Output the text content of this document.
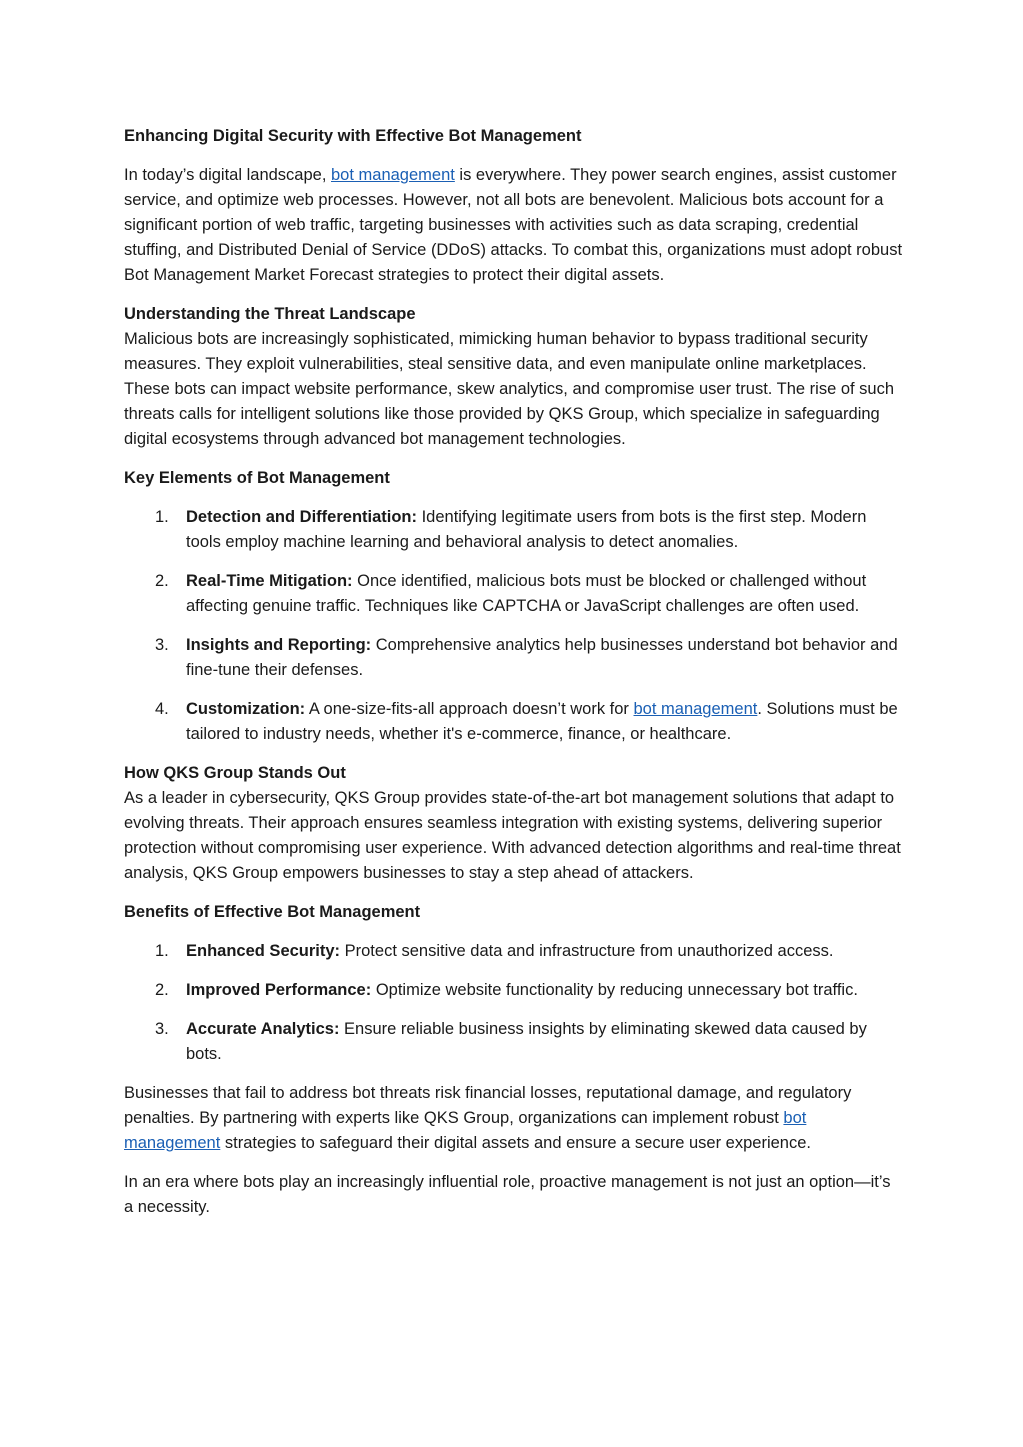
Enhancing Digital Security with Effective Bot Management

In today’s digital landscape, bot management is everywhere. They power search engines, assist customer service, and optimize web processes. However, not all bots are benevolent. Malicious bots account for a significant portion of web traffic, targeting businesses with activities such as data scraping, credential stuffing, and Distributed Denial of Service (DDoS) attacks. To combat this, organizations must adopt robust Bot Management Market Forecast strategies to protect their digital assets.

Understanding the Threat Landscape

Malicious bots are increasingly sophisticated, mimicking human behavior to bypass traditional security measures. They exploit vulnerabilities, steal sensitive data, and even manipulate online marketplaces. These bots can impact website performance, skew analytics, and compromise user trust. The rise of such threats calls for intelligent solutions like those provided by QKS Group, which specialize in safeguarding digital ecosystems through advanced bot management technologies.

Key Elements of Bot Management
1. Detection and Differentiation: Identifying legitimate users from bots is the first step. Modern tools employ machine learning and behavioral analysis to detect anomalies.
2. Real-Time Mitigation: Once identified, malicious bots must be blocked or challenged without affecting genuine traffic. Techniques like CAPTCHA or JavaScript challenges are often used.
3. Insights and Reporting: Comprehensive analytics help businesses understand bot behavior and fine-tune their defenses.
4. Customization: A one-size-fits-all approach doesn’t work for bot management. Solutions must be tailored to industry needs, whether it's e-commerce, finance, or healthcare.
How QKS Group Stands Out

As a leader in cybersecurity, QKS Group provides state-of-the-art bot management solutions that adapt to evolving threats. Their approach ensures seamless integration with existing systems, delivering superior protection without compromising user experience. With advanced detection algorithms and real-time threat analysis, QKS Group empowers businesses to stay a step ahead of attackers.

Benefits of Effective Bot Management
1. Enhanced Security: Protect sensitive data and infrastructure from unauthorized access.
2. Improved Performance: Optimize website functionality by reducing unnecessary bot traffic.
3. Accurate Analytics: Ensure reliable business insights by eliminating skewed data caused by bots.

Businesses that fail to address bot threats risk financial losses, reputational damage, and regulatory penalties. By partnering with experts like QKS Group, organizations can implement robust bot management strategies to safeguard their digital assets and ensure a secure user experience.

In an era where bots play an increasingly influential role, proactive management is not just an option—it’s a necessity.
